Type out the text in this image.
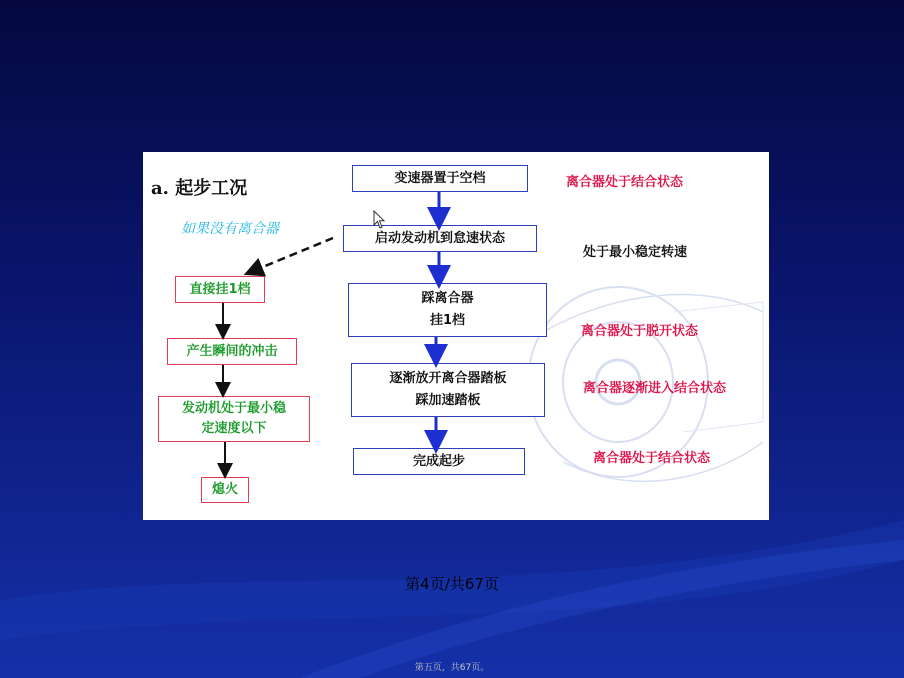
a. 起步工况
如果没有离合器
变速器置于空档
启动发动机到怠速状态
踩离合器
挂1档
逐渐放开离合器踏板
踩加速踏板
完成起步
直接挂1档
产生瞬间的冲击
发动机处于最小稳
定速度以下
熄火
离合器处于结合状态
处于最小稳定转速
离合器处于脱开状态
离合器逐渐进入结合状态
离合器处于结合状态
第4页/共67页
第五页，共67页。
